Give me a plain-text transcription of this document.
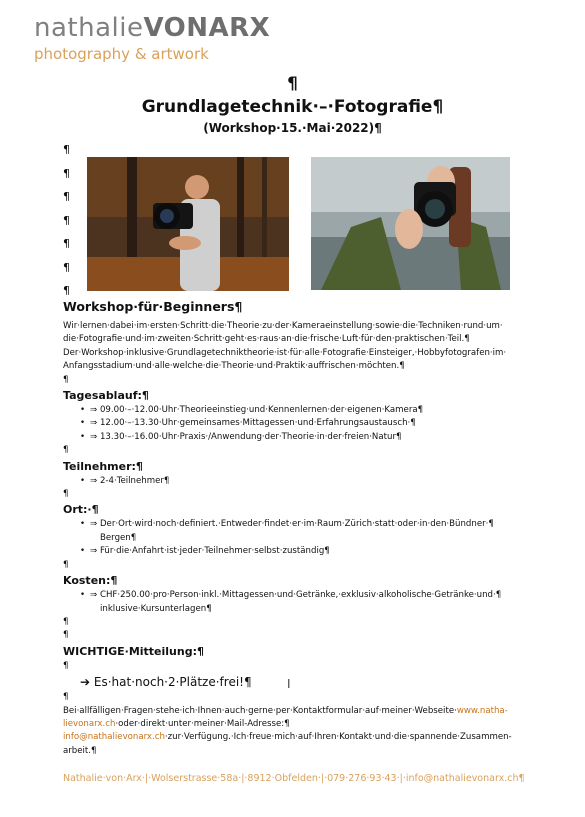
nathalieVONARX
photography & artwork
¶
Grundlagetechnik·–·Fotografie¶
(Workshop·15.·Mai·2022)¶
¶
¶
¶
¶
¶
¶
¶

Workshop·für·Beginners¶

Wir·lernen·dabei·im·ersten·Schritt·die·Theorie·zu·der·Kameraeinstellung·sowie·die·Techniken·rund·um·

die·Fotografie·und·im·zweiten·Schritt·geht·es·raus·an·die·frische·Luft·für·den·praktischen·Teil.¶

Der·Workshop·inklusive·Grundlagetechniktheorie·ist·für·alle·Fotografie·Einsteiger,·Hobbyfotografen·im·

Anfangsstadium·und·alle·welche·die·Theorie·und·Praktik·auffrischen·möchten.¶

¶

Tagesablauf:¶

• ⇒ 09.00·–·12.00·Uhr·Theorieeinstieg·und·Kennenlernen·der·eigenen·Kamera¶
• ⇒ 12.00·–·13.30·Uhr·gemeinsames·Mittagessen·und·Erfahrungsaustausch·¶
• ⇒ 13.30·–·16.00·Uhr·Praxis·/Anwendung·der·Theorie·in·der·freien·Natur¶

¶

Teilnehmer:¶

• ⇒ 2-4·Teilnehmer¶

¶

Ort:·¶

• ⇒ Der·Ort·wird·noch·definiert.·Entweder·findet·er·im·Raum·Zürich·statt·oder·in·den·Bündner·¶
Bergen¶
• ⇒ Für·die·Anfahrt·ist·jeder·Teilnehmer·selbst·zuständig¶

¶

Kosten:¶

• ⇒ CHF·250.00·pro·Person·inkl.·Mittagessen·und·Getränke,·exklusiv·alkoholische·Getränke·und·¶
inklusive·Kursunterlagen¶

¶

¶

WICHTIGE·Mitteilung:¶

¶

➔ Es·hat·noch·2·Plätze·frei!¶

¶

Bei·allfälligen·Fragen·stehe·ich·Ihnen·auch·gerne·per·Kontaktformular·auf·meiner·Webseite·www.natha-

lievonarx.ch·oder·direkt·unter·meiner·Mail-Adresse:¶

info@nathalievonarx.ch·zur·Verfügung.·Ich·freue·mich·auf·Ihren·Kontakt·und·die·spannende·Zusammen-

arbeit.¶

I
Nathalie·von·Arx·|·Wolserstrasse·58a·|·8912·Obfelden·|·079·276·93·43·|·info@nathalievonarx.ch¶
